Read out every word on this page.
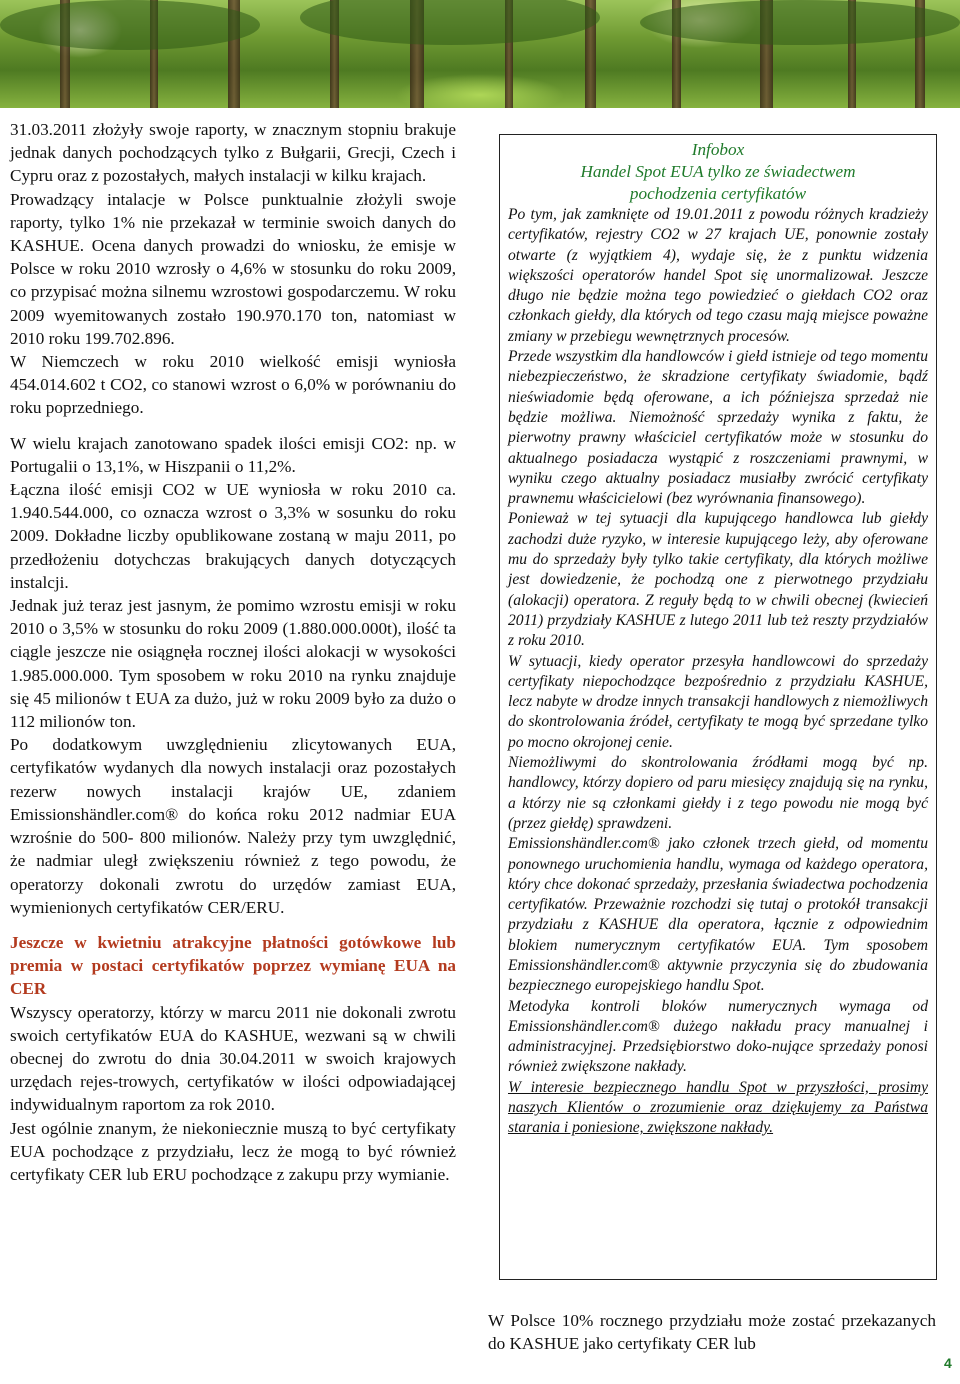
31.03.2011 złożyły swoje raporty, w znacznym stopniu brakuje jednak danych pochodzących tylko z Bułgarii, Grecji, Czech i Cypru oraz z pozostałych, małych instalacji w kilku krajach.

Prowadzący intalacje w Polsce punktualnie złożyli swoje raporty, tylko 1% nie przekazał w terminie swoich danych do KASHUE. Ocena danych prowadzi do wniosku, że emisje w Polsce w roku 2010 wzrosły o 4,6% w stosunku do roku 2009, co przypisać można silnemu wzrostowi gospodarczemu. W roku 2009 wyemitowanych zostało 190.970.170 ton, natomiast w 2010 roku 199.702.896.

W Niemczech w roku 2010 wielkość emisji wyniosła 454.014.602 t CO2, co stanowi wzrost o 6,0% w porównaniu do roku poprzedniego.

W wielu krajach zanotowano spadek ilości emisji CO2: np. w Portugalii o 13,1%, w Hiszpanii o 11,2%.

Łączna ilość emisji CO2 w UE wyniosła w roku 2010 ca. 1.940.544.000, co oznacza wzrost o 3,3% w sosunku do roku 2009. Dokładne liczby opublikowane zostaną w maju 2011, po przedłożeniu dotychczas brakujących danych dotyczących instalcji.

Jednak już teraz jest jasnym, że pomimo wzrostu emisji w roku 2010 o 3,5% w stosunku do roku 2009 (1.880.000.000t), ilość ta ciągle jeszcze nie osiągnęła rocznej ilości alokacji w wysokości 1.985.000.000. Tym sposobem w roku 2010 na rynku znajduje się 45 milionów t EUA za dużo, już w roku 2009 było za dużo o 112 milionów ton.

Po dodatkowym uwzględnieniu zlicytowanych EUA, certyfikatów wydanych dla nowych instalacji oraz pozostałych rezerw nowych instalacji krajów UE, zdaniem Emissionshändler.com® do końca roku 2012 nadmiar EUA wzrośnie do 500- 800 milionów. Należy przy tym uwzględnić, że nadmiar uległ zwiększeniu również z tego powodu, że operatorzy dokonali zwrotu do urzędów zamiast EUA, wymienionych certyfikatów CER/ERU.

Jeszcze w kwietniu atrakcyjne płatności gotówkowe lub premia w postaci certyfikatów poprzez wymianę EUA na CER

Wszyscy operatorzy, którzy w marcu 2011 nie dokonali zwrotu swoich certyfikatów EUA do KASHUE, wezwani są w chwili obecnej do zwrotu do dnia 30.04.2011 w swoich krajowych urzędach rejes-trowych, certyfikatów w ilości odpowiadającej indywidualnym raportom za rok 2010.

Jest ogólnie znanym, że niekoniecznie muszą to być certyfikaty EUA pochodzące z przydziału, lecz że mogą to być również certyfikaty CER lub ERU pochodzące z zakupu przy wymianie.

Infobox

Handel Spot EUA tylko ze świadectwem

pochodzenia certyfikatów

Po tym, jak zamknięte od 19.01.2011 z powodu różnych kradzieży certyfikatów, rejestry CO2 w 27 krajach UE, ponownie zostały otwarte (z wyjątkiem 4), wydaje się, że z punktu widzenia większości operatorów handel Spot się unormalizował. Jeszcze długo nie będzie można tego powiedzieć o giełdach CO2 oraz członkach giełdy, dla których od tego czasu mają miejsce poważne zmiany w przebiegu wewnętrznych procesów.

Przede wszystkim dla handlowców i giełd istnieje od tego momentu niebezpieczeństwo, że skradzione certyfikaty świadomie, bądź nieświadomie będą oferowane, a ich późniejsza sprzedaż nie będzie możliwa. Niemożność sprzedaży wynika z faktu, że pierwotny prawny właściciel certyfikatów może w stosunku do aktualnego posiadacza wystąpić z roszczeniami prawnymi, w wyniku czego aktualny posiadacz musiałby zwrócić certyfikaty prawnemu właścicielowi (bez wyrównania finansowego).

Ponieważ w tej sytuacji dla kupującego handlowca lub giełdy zachodzi duże ryzyko, w interesie kupującego leży, aby oferowane mu do sprzedaży były tylko takie certyfikaty, dla których możliwe jest dowiedzenie, że pochodzą one z pierwotnego przydziału (alokacji) operatora. Z reguły będą to w chwili obecnej (kwiecień 2011) przydziały KASHUE z lutego 2011 lub też reszty przydziałów z roku 2010.

W sytuacji, kiedy operator przesyła handlowcowi do sprzedaży certyfikaty niepochodzące bezpośrednio z przydziału KASHUE, lecz nabyte w drodze innych transakcji handlowych z niemożliwych do skontrolowania źródeł, certyfikaty te mogą być sprzedane tylko po mocno okrojonej cenie.

Niemożliwymi do skontrolowania źródłami mogą być np. handlowcy, którzy dopiero od paru miesięcy znajdują się na rynku, a którzy nie są członkami giełdy i z tego powodu nie mogą być (przez giełdę) sprawdzeni.

Emissionshändler.com® jako członek trzech giełd, od momentu ponownego uruchomienia handlu, wymaga od każdego operatora, który chce dokonać sprzedaży, przesłania świadectwa pochodzenia certyfikatów. Przeważnie rozchodzi się tutaj o protokół transakcji przydziału z KASHUE dla operatora, łącznie z odpowiednim blokiem numerycznym certyfikatów EUA. Tym sposobem Emissionshändler.com® aktywnie przyczynia się do zbudowania bezpiecznego europejskiego handlu Spot.

Metodyka kontroli bloków numerycznych wymaga od Emissionshändler.com® dużego nakładu pracy manualnej i administracyjnej. Przedsiębiorstwo doko-nujące sprzedaży ponosi również zwiększone nakłady.

W interesie bezpiecznego handlu Spot w przyszłości, prosimy naszych Klientów o zrozumienie oraz dziękujemy za Państwa starania i poniesione, zwiększone nakłady.

W Polsce 10% rocznego przydziału może zostać przekazanych do KASHUE jako certyfikaty CER lub
4
